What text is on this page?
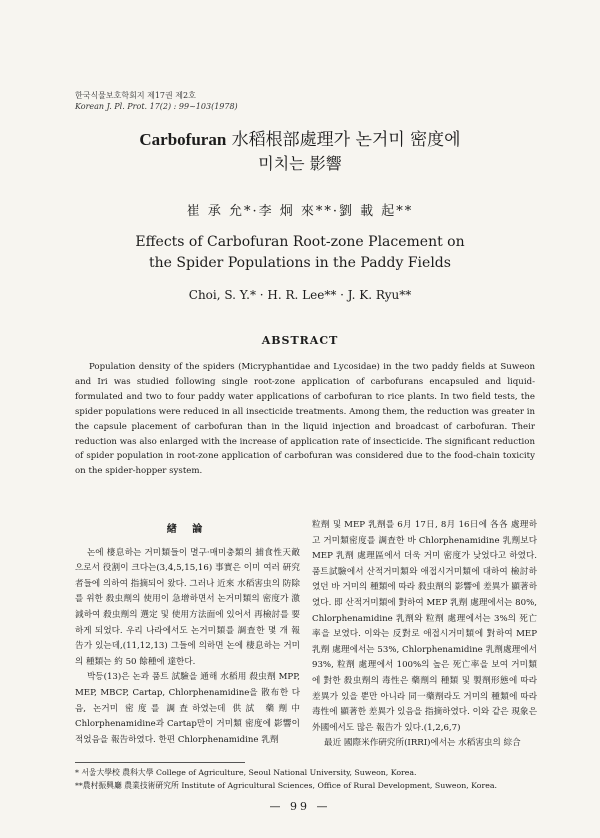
한국식물보호학회지 제17권 제2호
Korean J. Pl. Prot. 17(2) : 99~103(1978)
Carbofuran 水稻根部處理가 논거미 密度에
미치는 影響
崔 承 允*·李 炯 來**·劉 載 起**
Effects of Carbofuran Root-zone Placement on
the Spider Populations in the Paddy Fields
Choi, S. Y.* · H. R. Lee** · J. K. Ryu**
ABSTRACT
Population density of the spiders (Micryphantidae and Lycosidae) in the two paddy fields at Suweon and Iri was studied following single root-zone application of carbofurans encapsuled and liquid-formulated and two to four paddy water applications of carbofuran to rice plants. In two field tests, the spider populations were reduced in all insecticide treatments. Among them, the reduction was greater in the capsule placement of carbofuran than in the liquid injection and broadcast of carbofuran. Their reduction was also enlarged with the increase of application rate of insecticide. The significant reduction of spider population in root-zone application of carbofuran was considered due to the food-chain toxicity on the spider-hopper system.
緖 論

논에 棲息하는 거미類들이 멸구·매미충類의 捕食性天敵으로서 役割이 크다는(3,4,5,15,16) 事實은 이미 여러 硏究者들에 의하여 指摘되어 왔다. 그러나 近來 水稻害虫의 防除를 위한 殺虫劑의 使用이 急增하면서 논거미類의 密度가 激減하여 殺虫劑의 選定 및 使用方法面에 있어서 再檢討를 要하게 되었다. 우리 나라에서도 논거미類를 調査한 몇 개 報告가 있는데,(11,12,13) 그들에 의하면 논에 棲息하는 거미의 種類는 約 50 餘種에 達한다.

박등(13)은 논과 품트 試驗을 通해 水稻用 殺虫劑 MPP, MEP, MBCP, Cartap, Chlorphenamidine을 散布한 다음, 논거미 密度를 調査하였는데 供試 藥劑中 Chlorphenamidine과 Cartap만이 거미類 密度에 影響이 적었음을 報告하였다. 한편 Chlorphenamidine 乳劑

粒劑 및 MEP 乳劑를 6月 17日, 8月 16日에 各各 處理하고 거미類密度를 調査한 바 Chlorphenamidine 乳劑보다 MEP 乳劑 處理區에서 더욱 거미 密度가 낮었다고 하였다. 품트試驗에서 산적거미類와 애접시거미類에 대하여 檢討하였던 바 거미의 種類에 따라 殺虫劑의 影響에 差異가 顯著하였다. 即 산적거미類에 對하여 MEP 乳劑 處理에서는 80%, Chlorphenamidine 乳劑와 粒劑 處理에서는 3%의 死亡率을 보였다. 이와는 反對로 애접시거미類에 對하여 MEP 乳劑 處理에서는 53%, Chlorphenamidine 乳劑處理에서 93%, 粒劑 處理에서 100%의 높은 死亡率을 보여 거미類에 對한 殺虫劑의 毒性은 藥劑의 種類 및 製劑形態에 따라 差異가 있을 뿐만 아니라 同一藥劑라도 거미의 種類에 따라 毒性에 顯著한 差異가 있음을 指摘하였다. 이와 같은 現象은 外國에서도 많은 報告가 있다.(1,2,6,7)

最近 國際米作硏究所(IRRI)에서는 水稻害虫의 綜合

* 서울大學校 農科大學 College of Agriculture, Seoul National University, Suweon, Korea.
**農村振興廳 農業技術硏究所 Institute of Agricultural Sciences, Office of Rural Development, Suweon, Korea.
— 99 —
